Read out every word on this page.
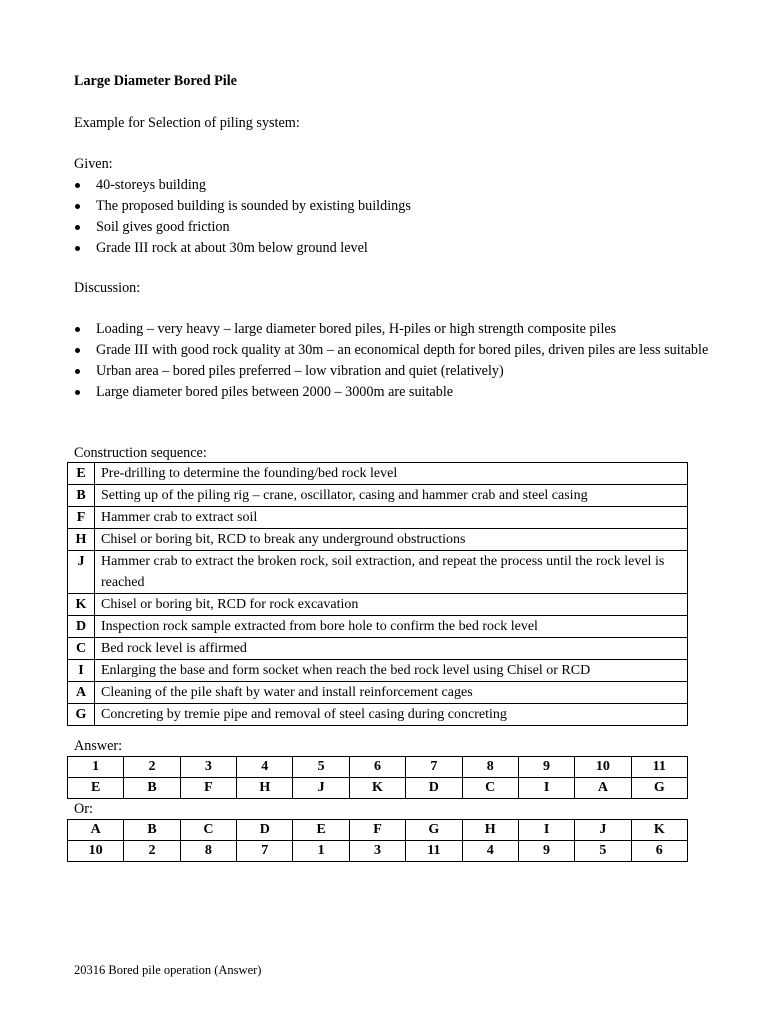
Large Diameter Bored Pile
Example for Selection of piling system:
Given:
40-storeys building
The proposed building is sounded by existing buildings
Soil gives good friction
Grade III rock at about 30m below ground level
Discussion:
Loading – very heavy – large diameter bored piles, H-piles or high strength composite piles
Grade III with good rock quality at 30m – an economical depth for bored piles, driven piles are less suitable
Urban area – bored piles preferred – low vibration and quiet (relatively)
Large diameter bored piles between 2000 – 3000m are suitable
Construction sequence:
E	Pre-drilling to determine the founding/bed rock level
B	Setting up of the piling rig – crane, oscillator, casing and hammer crab and steel casing
F	Hammer crab to extract soil
H	Chisel or boring bit, RCD to break any underground obstructions
J	Hammer crab to extract the broken rock, soil extraction, and repeat the process until the rock level is reached
K	Chisel or boring bit, RCD for rock excavation
D	Inspection rock sample extracted from bore hole to confirm the bed rock level
C	Bed rock level is affirmed
I	Enlarging the base and form socket when reach the bed rock level using Chisel or RCD
A	Cleaning of the pile shaft by water and install reinforcement cages
G	Concreting by tremie pipe and removal of steel casing during concreting
Answer:
1	2	3	4	5	6	7	8	9	10	11
E	B	F	H	J	K	D	C	I	A	G
Or:
A	B	C	D	E	F	G	H	I	J	K
10	2	8	7	1	3	11	4	9	5	6
20316 Bored pile operation (Answer)
